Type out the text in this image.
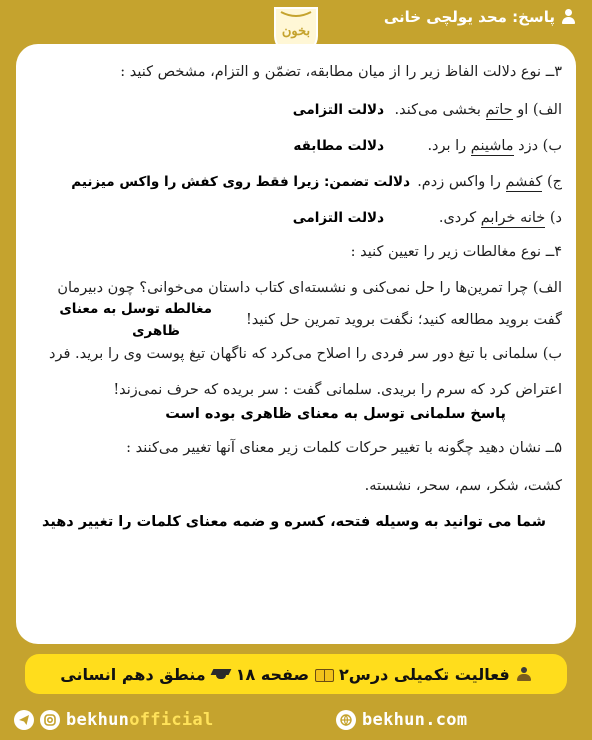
بخون
پاسخ: محد یولچی خانی
۳ــ نوع دلالت الفاظ زیر را از میان مطابقه، تضمّن و التزام، مشخص کنید :
الف) او حاتم بخشی می‌کند.
دلالت التزامی
ب) دزد ماشینم را برد.
دلالت مطابقه
ج) کفشم را واکس زدم.
دلالت تضمن: زیرا فقط روی کفش را واکس میزنیم
د) خانه خرابم کردی.
دلالت التزامی
۴ــ نوع مغالطات زیر را تعیین کنید :
الف) چرا تمرین‌ها را حل نمی‌کنی و نشسته‌ای کتاب داستان می‌خوانی؟ چون دبیرمان
گفت بروید مطالعه کنید؛ نگفت بروید تمرین حل کنید!
مغالطه توسل به معنای
ظاهری
ب) سلمانی با تیغ دور سر فردی را اصلاح می‌کرد که ناگهان تیغ پوست وی را برید. فرد
اعتراض کرد که سرم را بریدی. سلمانی گفت : سر بریده که حرف نمی‌زند!
پاسخ سلمانی توسل به معنای ظاهری بوده است
۵ــ نشان دهید چگونه با تغییر حرکات کلمات زیر معنای آنها تغییر می‌کنند :
کشت، شکر، سم، سحر، نشسته.
شما می توانید به وسیله فتحه، کسره و ضمه معنای کلمات را تغییر دهید
فعالیت تکمیلی درس۲
صفحه ۱۸
منطق دهم انسانی
bekhunofficial	bekhun.com
